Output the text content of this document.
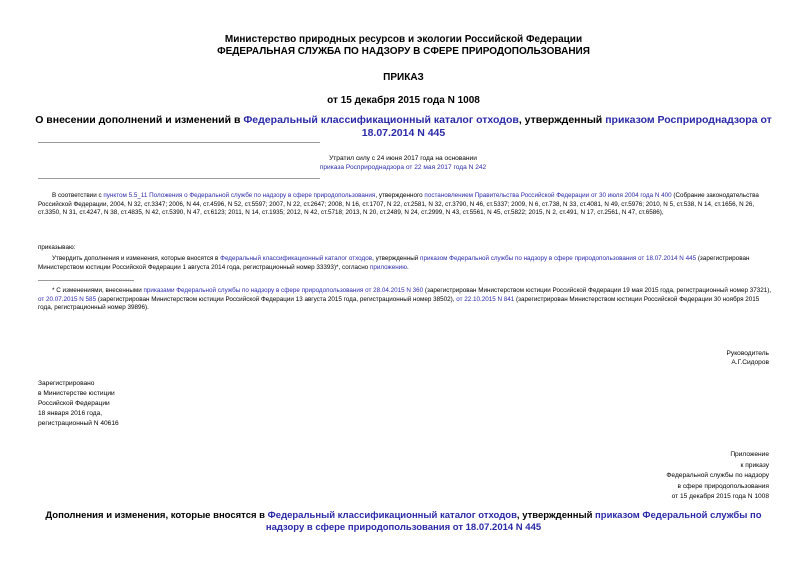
Министерство природных ресурсов и экологии Российской Федерации
ФЕДЕРАЛЬНАЯ СЛУЖБА ПО НАДЗОРУ В СФЕРЕ ПРИРОДОПОЛЬЗОВАНИЯ
ПРИКАЗ
от 15 декабря 2015 года N 1008
О внесении дополнений и изменений в Федеральный классификационный каталог отходов, утвержденный приказом Росприроднадзора от 18.07.2014 N 445
Утратил силу с 24 июня 2017 года на основании
приказа Росприроднадзора от 22 мая 2017 года N 242
В соответствии с пунктом 5.5_11 Положения о Федеральной службе по надзору в сфере природопользования, утвержденного постановлением Правительства Российской Федерации от 30 июля 2004 года N 400 (Собрание законодательства Российской Федерации, 2004, N 32, ст.3347; 2006, N 44, ст.4596, N 52, ст.5597; 2007, N 22, ст.2647; 2008, N 16, ст.1707, N 22, ст.2581, N 32, ст.3790, N 46, ст.5337; 2009, N 6, ст.738, N 33, ст.4081, N 49, ст.5976; 2010, N 5, ст.538, N 14, ст.1656, N 26, ст.3350, N 31, ст.4247, N 38, ст.4835, N 42, ст.5390, N 47, ст.6123; 2011, N 14, ст.1935; 2012, N 42, ст.5718; 2013, N 20, ст.2489, N 24, ст.2999, N 43, ст.5561, N 45, ст.5822; 2015, N 2, ст.491, N 17, ст.2561, N 47, ст.6586),
приказываю:
Утвердить дополнения и изменения, которые вносятся в Федеральный классификационный каталог отходов, утвержденный приказом Федеральной службы по надзору в сфере природопользования от 18.07.2014 N 445 (зарегистрирован Министерством юстиции Российской Федерации 1 августа 2014 года, регистрационный номер 33393)*, согласно приложению.
* С изменениями, внесенными приказами Федеральной службы по надзору в сфере природопользования от 28.04.2015 N 360 (зарегистрирован Министерством юстиции Российской Федерации 19 мая 2015 года, регистрационный номер 37321), от 20.07.2015 N 585 (зарегистрирован Министерством юстиции Российской Федерации 13 августа 2015 года, регистрационный номер 38502), от 22.10.2015 N 841 (зарегистрирован Министерством юстиции Российской Федерации 30 ноября 2015 года, регистрационный номер 39896).
Руководитель
А.Г.Сидоров
Зарегистрировано
в Министерстве юстиции
Российской Федерации
18 января 2016 года,
регистрационный N 40616
Приложение
к приказу
Федеральной службы по надзору
в сфере природопользования
от 15 декабря 2015 года N 1008
Дополнения и изменения, которые вносятся в Федеральный классификационный каталог отходов, утвержденный приказом Федеральной службы по надзору в сфере природопользования от 18.07.2014 N 445
